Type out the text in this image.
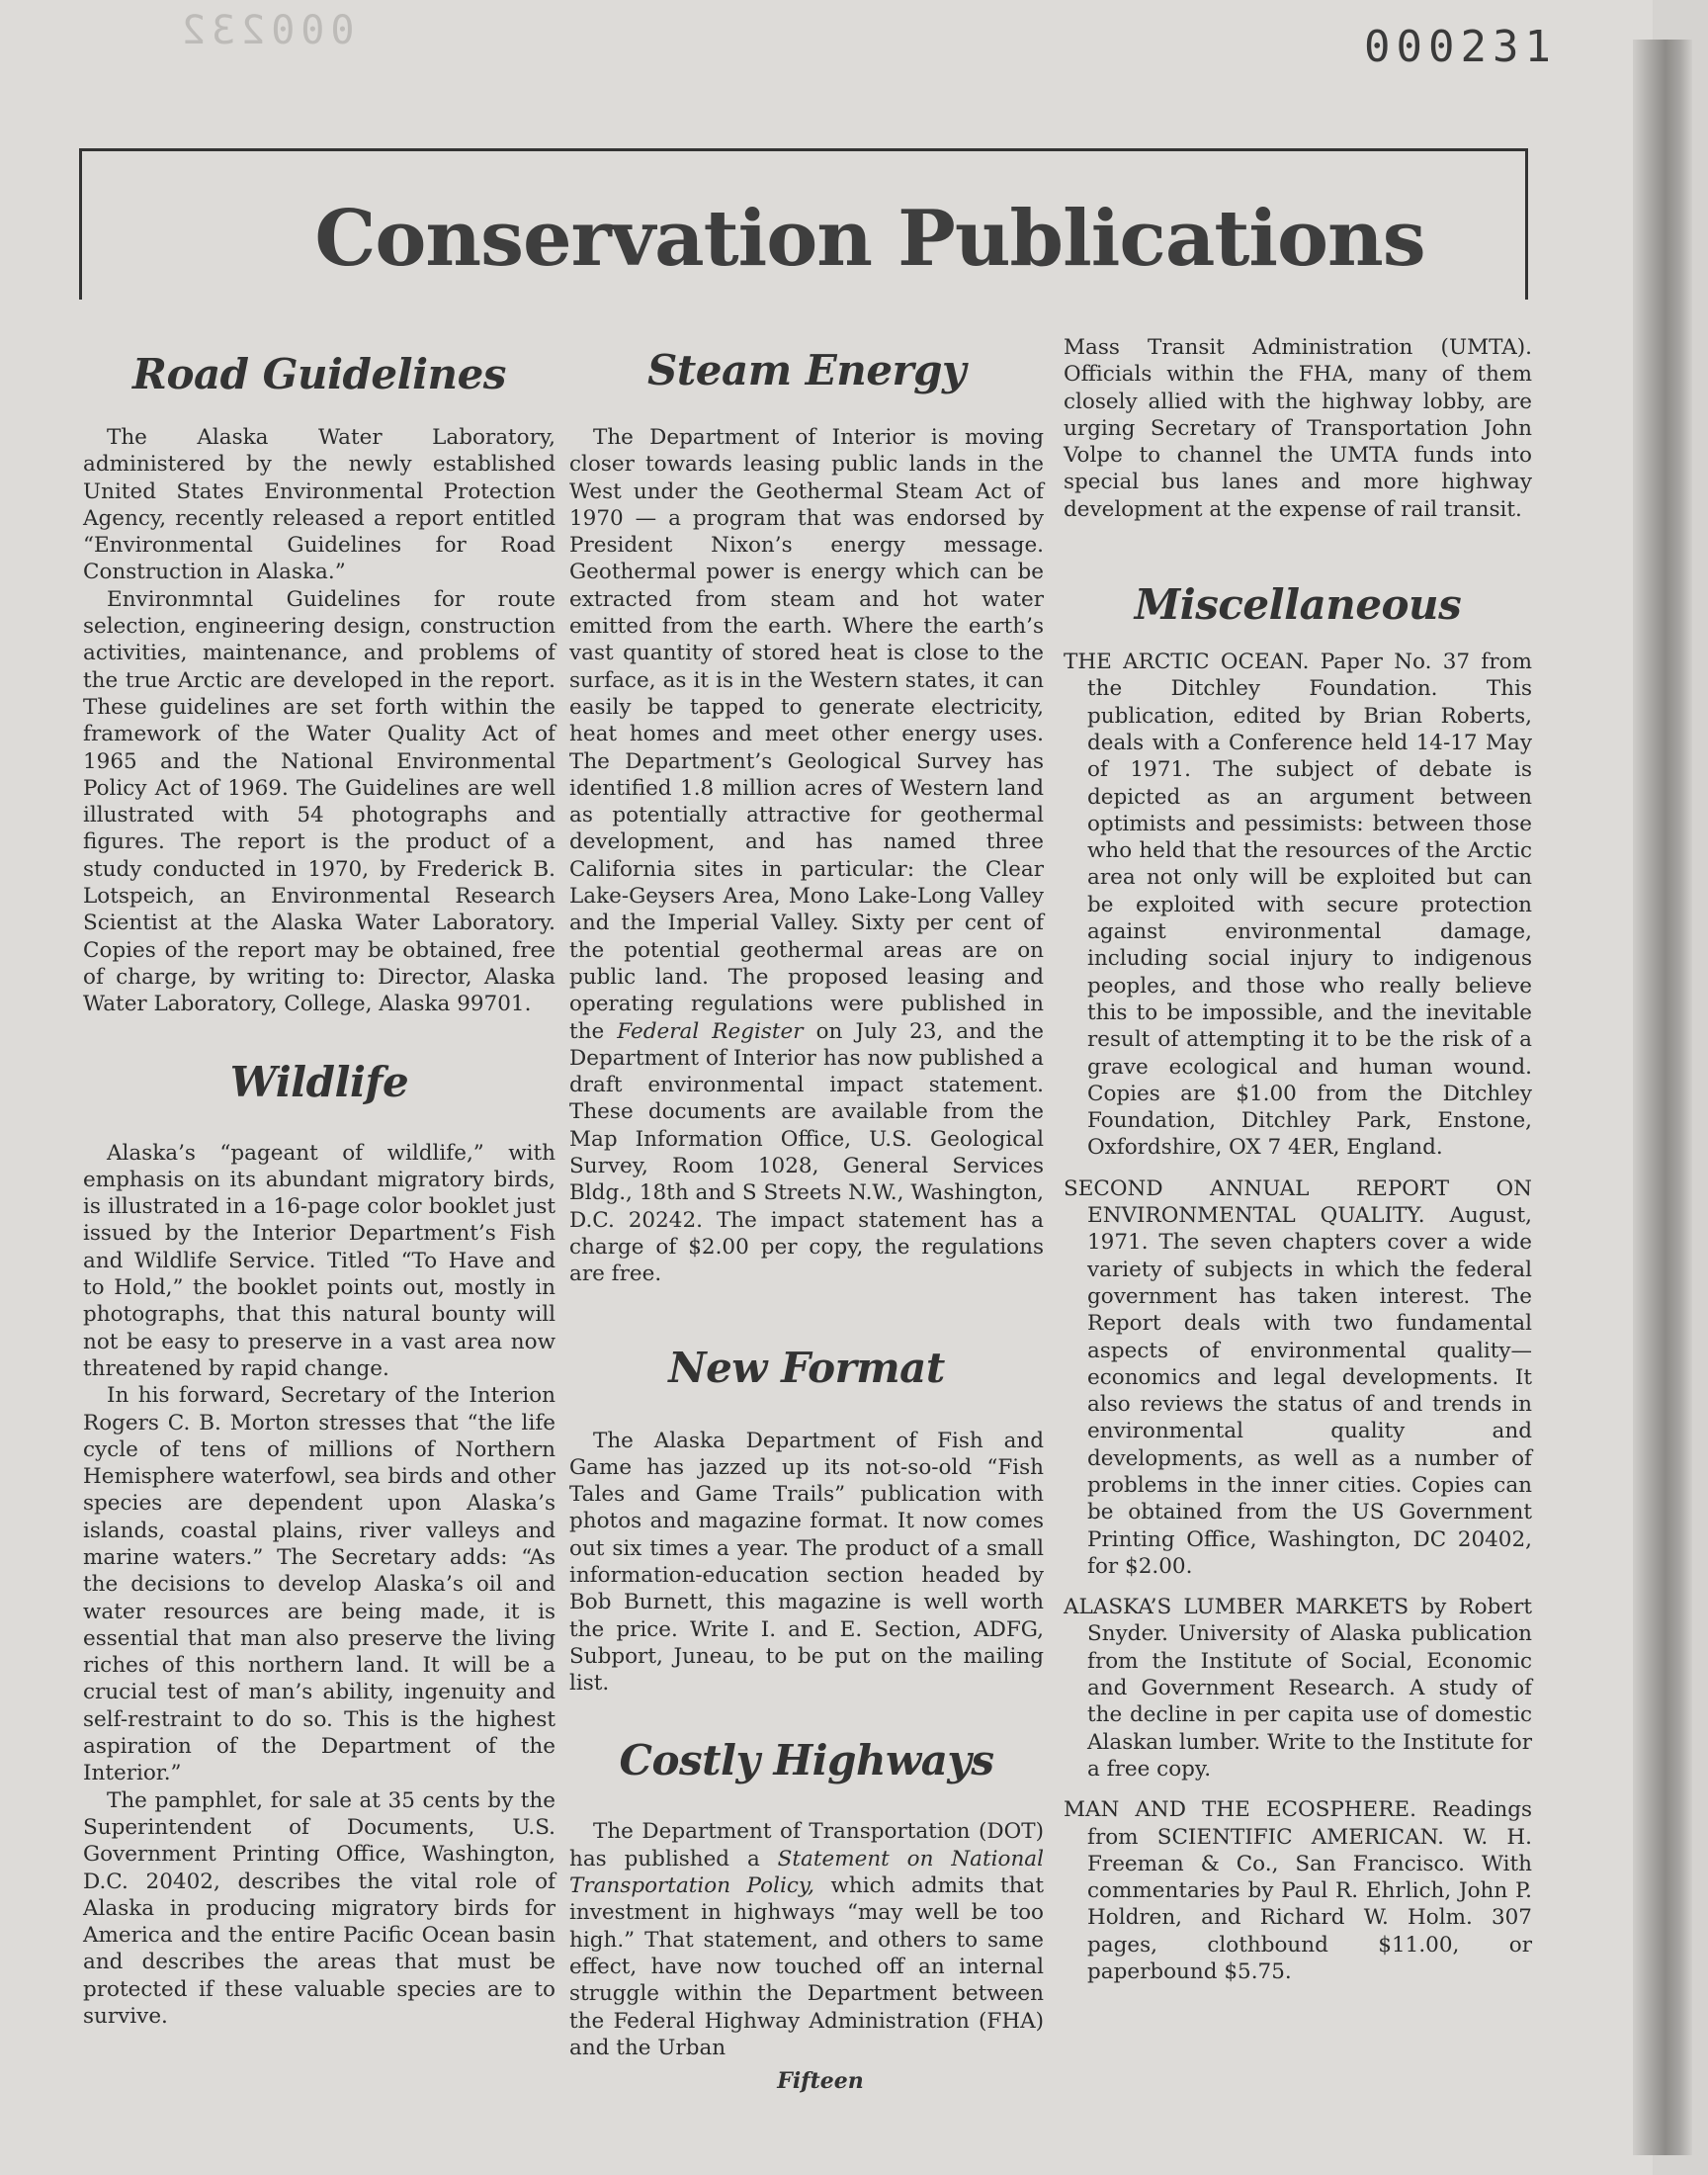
000232	000231
Conservation Publications
Road Guidelines

The Alaska Water Laboratory, administered by the newly established United States Environmental Protection Agency, recently released a report entitled “Environmental Guidelines for Road Construction in Alaska.”

Environmntal Guidelines for route selection, engineering design, construction activities, maintenance, and problems of the true Arctic are developed in the report. These guidelines are set forth within the framework of the Water Quality Act of 1965 and the National Environmental Policy Act of 1969. The Guidelines are well illustrated with 54 photographs and figures. The report is the product of a study conducted in 1970, by Frederick B. Lotspeich, an Environmental Research Scientist at the Alaska Water Laboratory. Copies of the report may be obtained, free of charge, by writing to: Director, Alaska Water Laboratory, College, Alaska 99701.

Wildlife

Alaska’s “pageant of wildlife,” with emphasis on its abundant migratory birds, is illustrated in a 16-page color booklet just issued by the Interior Department’s Fish and Wildlife Service. Titled “To Have and to Hold,” the booklet points out, mostly in photographs, that this natural bounty will not be easy to preserve in a vast area now threatened by rapid change.

In his forward, Secretary of the Interion Rogers C. B. Morton stresses that “the life cycle of tens of millions of Northern Hemisphere waterfowl, sea birds and other species are dependent upon Alaska’s islands, coastal plains, river valleys and marine waters.” The Secretary adds: “As the decisions to develop Alaska’s oil and water resources are being made, it is essential that man also preserve the living riches of this northern land. It will be a crucial test of man’s ability, ingenuity and self-restraint to do so. This is the highest aspiration of the Department of the Interior.”

The pamphlet, for sale at 35 cents by the Superintendent of Documents, U.S. Government Printing Office, Washington, D.C. 20402, describes the vital role of Alaska in producing migratory birds for America and the entire Pacific Ocean basin and describes the areas that must be protected if these valuable species are to survive.

Steam Energy

The Department of Interior is moving closer towards leasing public lands in the West under the Geothermal Steam Act of 1970 — a program that was endorsed by President Nixon’s energy message. Geothermal power is energy which can be extracted from steam and hot water emitted from the earth. Where the earth’s vast quantity of stored heat is close to the surface, as it is in the Western states, it can easily be tapped to generate electricity, heat homes and meet other energy uses. The Department’s Geological Survey has identified 1.8 million acres of Western land as potentially attractive for geothermal development, and has named three California sites in particular: the Clear Lake-Geysers Area, Mono Lake-Long Valley and the Imperial Valley. Sixty per cent of the potential geothermal areas are on public land. The proposed leasing and operating regulations were published in the Federal Register on July 23, and the Department of Interior has now published a draft environmental impact statement. These documents are available from the Map Information Office, U.S. Geological Survey, Room 1028, General Services Bldg., 18th and S Streets N.W., Washington, D.C. 20242. The impact statement has a charge of $2.00 per copy, the regulations are free.

New Format

The Alaska Department of Fish and Game has jazzed up its not-so-old “Fish Tales and Game Trails” publication with photos and magazine format. It now comes out six times a year. The product of a small information-education section headed by Bob Burnett, this magazine is well worth the price. Write I. and E. Section, ADFG, Subport, Juneau, to be put on the mailing list.

Costly Highways

The Department of Transportation (DOT) has published a Statement on National Transportation Policy, which admits that investment in highways “may well be too high.” That statement, and others to same effect, have now touched off an internal struggle within the Department between the Federal Highway Administration (FHA) and the Urban

Mass Transit Administration (UMTA). Officials within the FHA, many of them closely allied with the highway lobby, are urging Secretary of Transportation John Volpe to channel the UMTA funds into special bus lanes and more highway development at the expense of rail transit.

Miscellaneous

THE ARCTIC OCEAN. Paper No. 37 from the Ditchley Foundation. This publication, edited by Brian Roberts, deals with a Conference held 14-17 May of 1971. The subject of debate is depicted as an argument between optimists and pessimists: between those who held that the resources of the Arctic area not only will be exploited but can be exploited with secure protection against environmental damage, including social injury to indigenous peoples, and those who really believe this to be impossible, and the inevitable result of attempting it to be the risk of a grave ecological and human wound. Copies are $1.00 from the Ditchley Foundation, Ditchley Park, Enstone, Oxfordshire, OX 7 4ER, England.

SECOND ANNUAL REPORT ON ENVIRONMENTAL QUALITY. August, 1971. The seven chapters cover a wide variety of subjects in which the federal government has taken interest. The Report deals with two fundamental aspects of environmental quality—economics and legal developments. It also reviews the status of and trends in environmental quality and developments, as well as a number of problems in the inner cities. Copies can be obtained from the US Government Printing Office, Washington, DC 20402, for $2.00.

ALASKA’S LUMBER MARKETS by Robert Snyder. University of Alaska publication from the Institute of Social, Economic and Government Research. A study of the decline in per capita use of domestic Alaskan lumber. Write to the Institute for a free copy.

MAN AND THE ECOSPHERE. Readings from SCIENTIFIC AMERICAN. W. H. Freeman & Co., San Francisco. With commentaries by Paul R. Ehrlich, John P. Holdren, and Richard W. Holm. 307 pages, clothbound $11.00, or paperbound $5.75.

Fifteen
